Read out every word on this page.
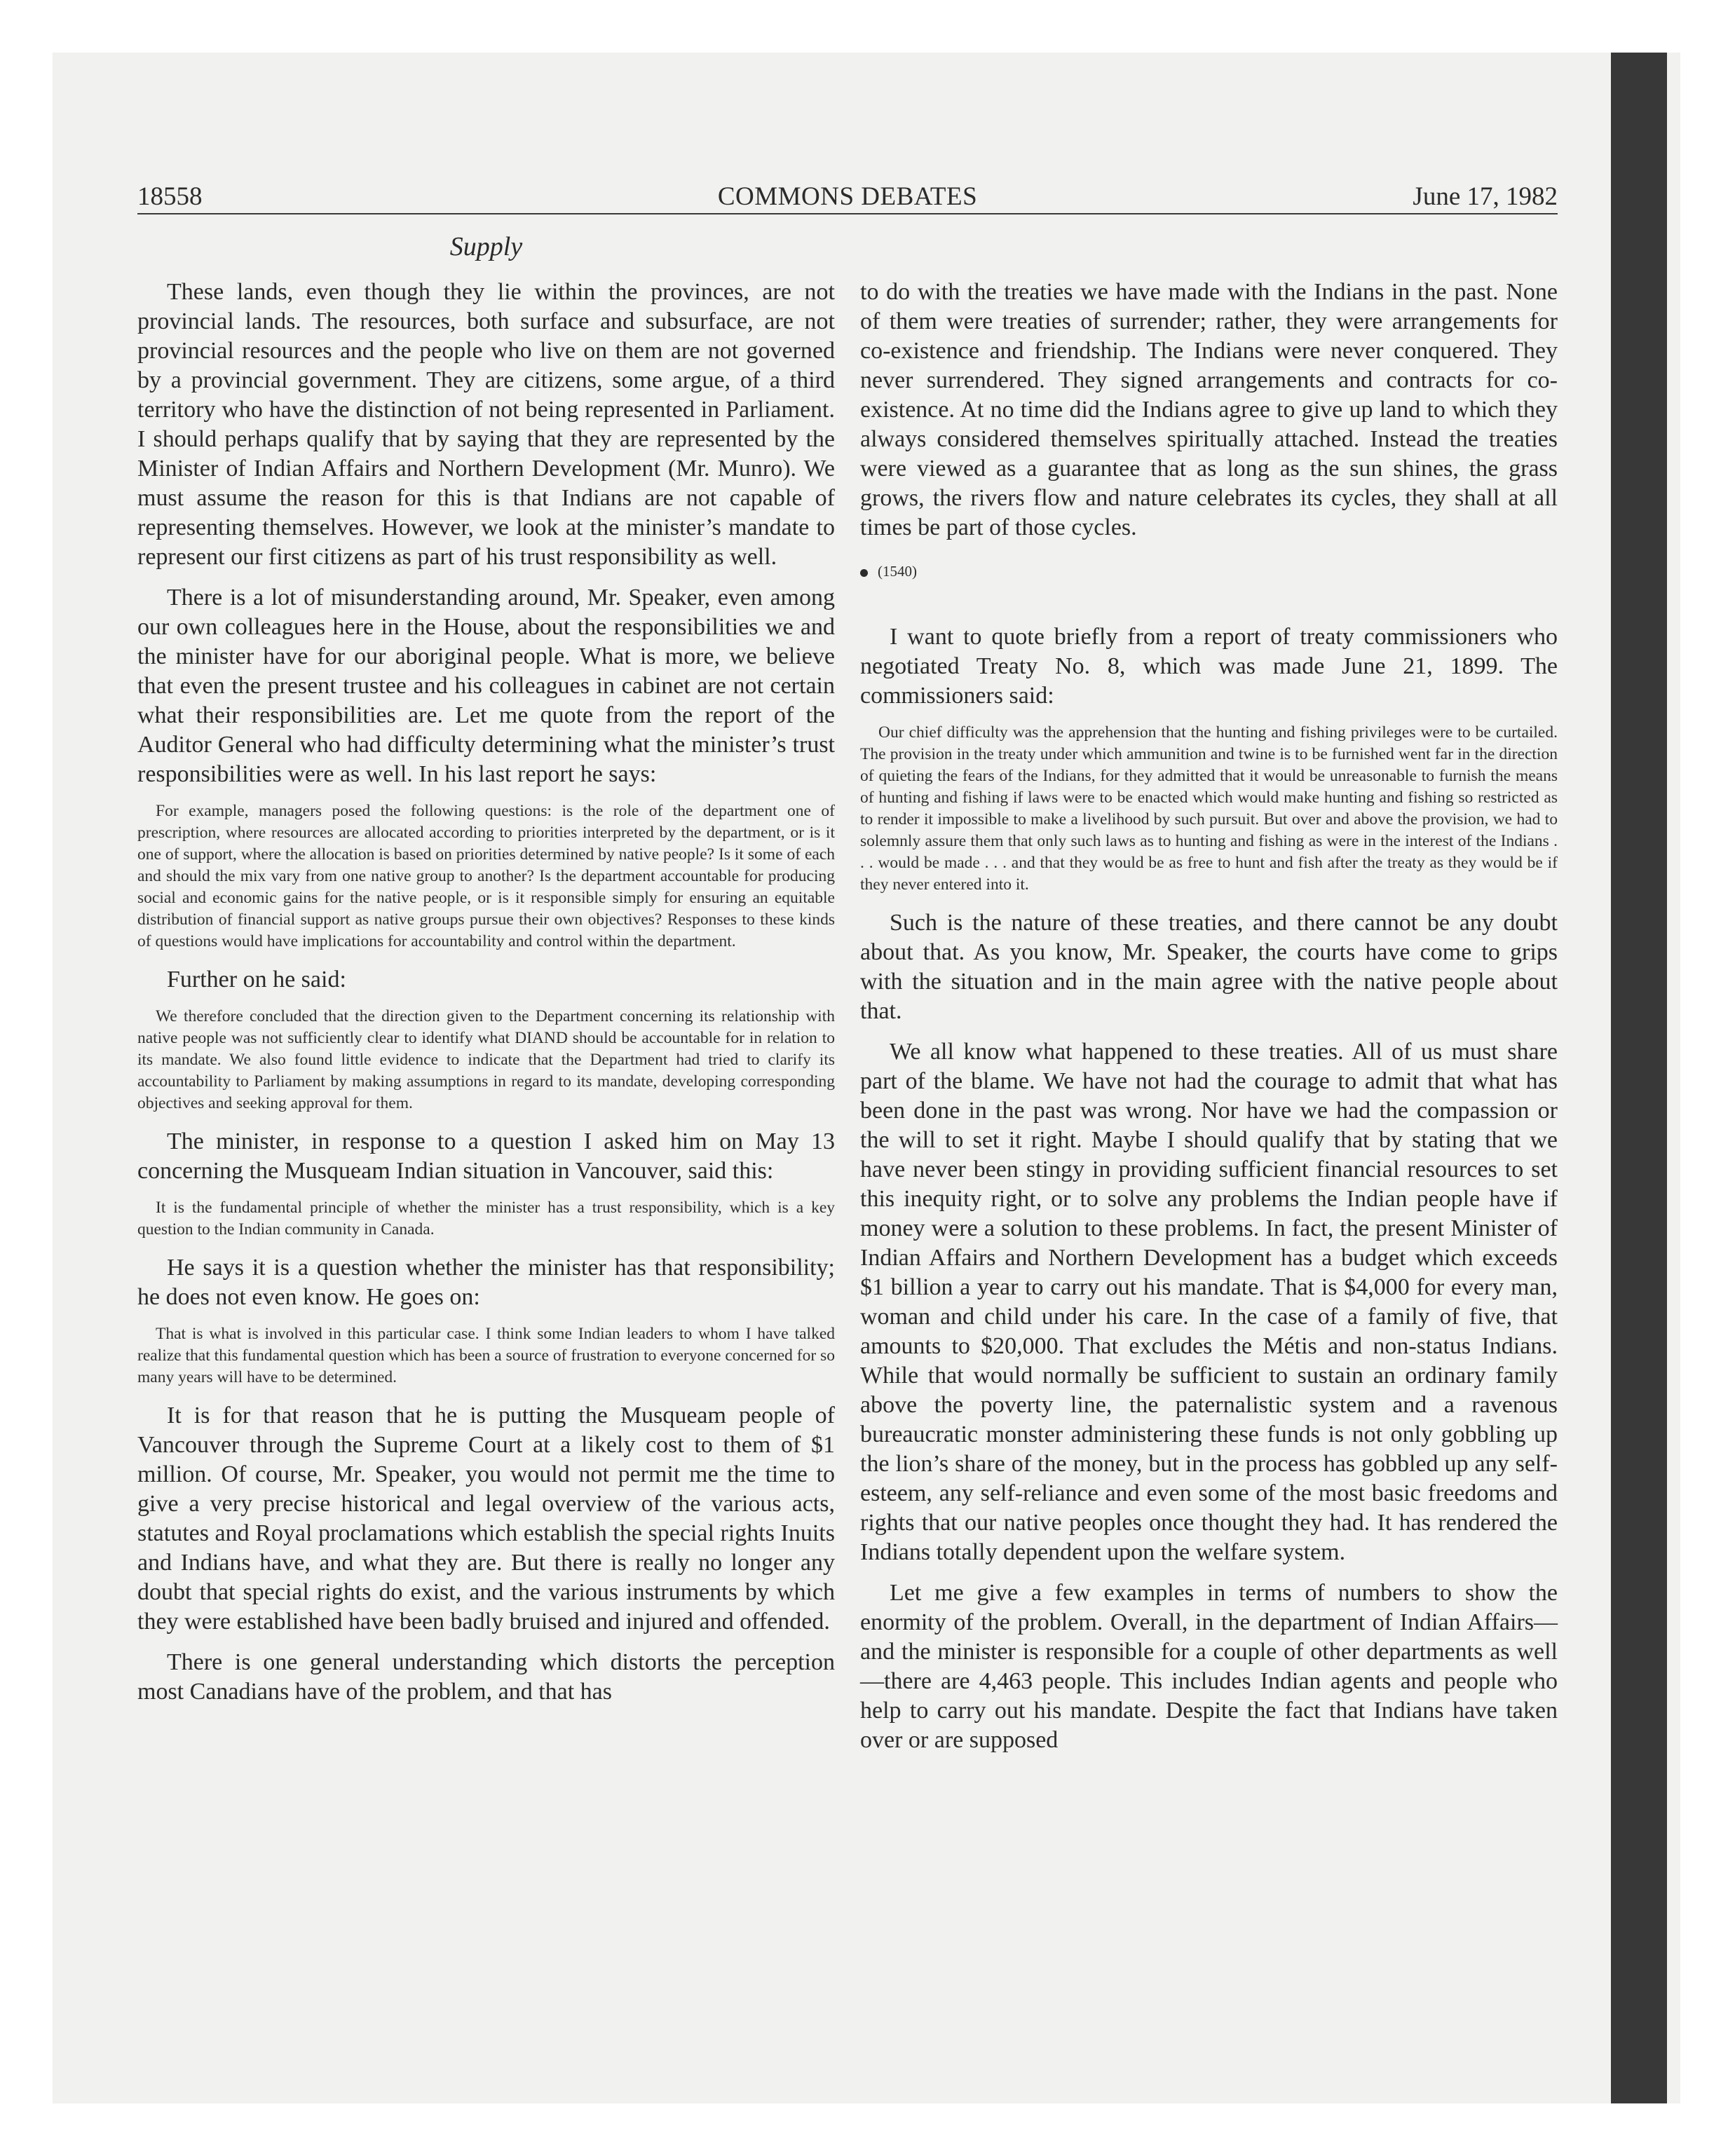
18558	COMMONS DEBATES	June 17, 1982
Supply

These lands, even though they lie within the provinces, are not provincial lands. The resources, both surface and subsurface, are not provincial resources and the people who live on them are not governed by a provincial government. They are citizens, some argue, of a third territory who have the distinction of not being represented in Parliament. I should perhaps qualify that by saying that they are represented by the Minister of Indian Affairs and Northern Development (Mr. Munro). We must assume the reason for this is that Indians are not capable of representing themselves. However, we look at the minister’s mandate to represent our first citizens as part of his trust responsibility as well.

There is a lot of misunderstanding around, Mr. Speaker, even among our own colleagues here in the House, about the responsibilities we and the minister have for our aboriginal people. What is more, we believe that even the present trustee and his colleagues in cabinet are not certain what their responsibilities are. Let me quote from the report of the Auditor General who had difficulty determining what the minister’s trust responsibilities were as well. In his last report he says:

For example, managers posed the following questions: is the role of the department one of prescription, where resources are allocated according to priorities interpreted by the department, or is it one of support, where the allocation is based on priorities determined by native people? Is it some of each and should the mix vary from one native group to another? Is the department accountable for producing social and economic gains for the native people, or is it responsible simply for ensuring an equitable distribution of financial support as native groups pursue their own objectives? Responses to these kinds of questions would have implications for accountability and control within the department.

Further on he said:

We therefore concluded that the direction given to the Department concerning its relationship with native people was not sufficiently clear to identify what DIAND should be accountable for in relation to its mandate. We also found little evidence to indicate that the Department had tried to clarify its accountability to Parliament by making assumptions in regard to its mandate, developing corresponding objectives and seeking approval for them.

The minister, in response to a question I asked him on May 13 concerning the Musqueam Indian situation in Vancouver, said this:

It is the fundamental principle of whether the minister has a trust responsibility, which is a key question to the Indian community in Canada.

He says it is a question whether the minister has that responsibility; he does not even know. He goes on:

That is what is involved in this particular case. I think some Indian leaders to whom I have talked realize that this fundamental question which has been a source of frustration to everyone concerned for so many years will have to be determined.

It is for that reason that he is putting the Musqueam people of Vancouver through the Supreme Court at a likely cost to them of $1 million. Of course, Mr. Speaker, you would not permit me the time to give a very precise historical and legal overview of the various acts, statutes and Royal proclamations which establish the special rights Inuits and Indians have, and what they are. But there is really no longer any doubt that special rights do exist, and the various instruments by which they were established have been badly bruised and injured and offended.

There is one general understanding which distorts the perception most Canadians have of the problem, and that has

to do with the treaties we have made with the Indians in the past. None of them were treaties of surrender; rather, they were arrangements for co-existence and friendship. The Indians were never conquered. They never surrendered. They signed arrangements and contracts for co-existence. At no time did the Indians agree to give up land to which they always considered themselves spiritually attached. Instead the treaties were viewed as a guarantee that as long as the sun shines, the grass grows, the rivers flow and nature celebrates its cycles, they shall at all times be part of those cycles.

(1540)

I want to quote briefly from a report of treaty commissioners who negotiated Treaty No. 8, which was made June 21, 1899. The commissioners said:

Our chief difficulty was the apprehension that the hunting and fishing privileges were to be curtailed. The provision in the treaty under which ammunition and twine is to be furnished went far in the direction of quieting the fears of the Indians, for they admitted that it would be unreasonable to furnish the means of hunting and fishing if laws were to be enacted which would make hunting and fishing so restricted as to render it impossible to make a livelihood by such pursuit. But over and above the provision, we had to solemnly assure them that only such laws as to hunting and fishing as were in the interest of the Indians . . . would be made . . . and that they would be as free to hunt and fish after the treaty as they would be if they never entered into it.

Such is the nature of these treaties, and there cannot be any doubt about that. As you know, Mr. Speaker, the courts have come to grips with the situation and in the main agree with the native people about that.

We all know what happened to these treaties. All of us must share part of the blame. We have not had the courage to admit that what has been done in the past was wrong. Nor have we had the compassion or the will to set it right. Maybe I should qualify that by stating that we have never been stingy in providing sufficient financial resources to set this inequity right, or to solve any problems the Indian people have if money were a solution to these problems. In fact, the present Minister of Indian Affairs and Northern Development has a budget which exceeds $1 billion a year to carry out his mandate. That is $4,000 for every man, woman and child under his care. In the case of a family of five, that amounts to $20,000. That excludes the Métis and non-status Indians. While that would normally be sufficient to sustain an ordinary family above the poverty line, the paternalistic system and a ravenous bureaucratic monster administering these funds is not only gobbling up the lion’s share of the money, but in the process has gobbled up any self-esteem, any self-reliance and even some of the most basic freedoms and rights that our native peoples once thought they had. It has rendered the Indians totally dependent upon the welfare system.

Let me give a few examples in terms of numbers to show the enormity of the problem. Overall, in the department of Indian Affairs—and the minister is responsible for a couple of other departments as well—there are 4,463 people. This includes Indian agents and people who help to carry out his mandate. Despite the fact that Indians have taken over or are supposed
